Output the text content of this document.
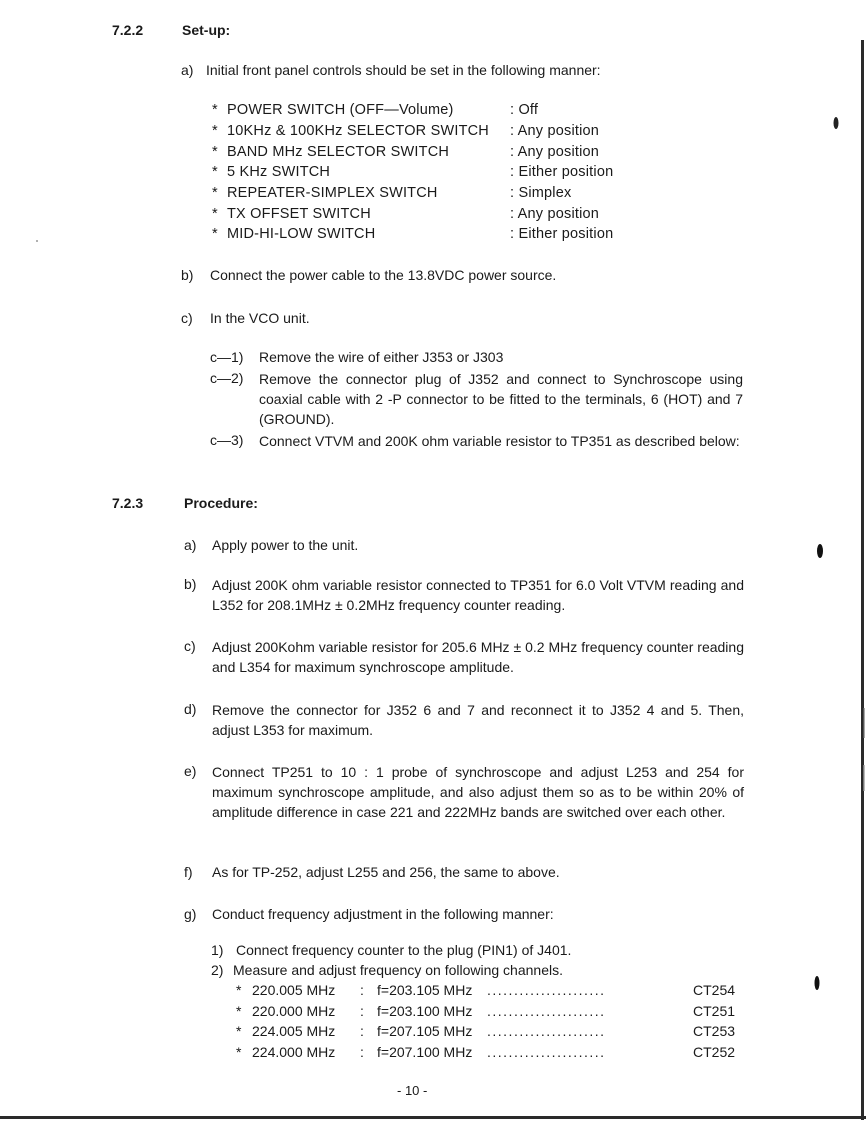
7.2.2	Set-up:
a) Initial front panel controls should be set in the following manner:
* POWER SWITCH (OFF—Volume)	: Off
* 10KHz & 100KHz SELECTOR SWITCH : Any position
* BAND MHz SELECTOR SWITCH	: Any position
* 5 KHz SWITCH	: Either position
* REPEATER-SIMPLEX SWITCH	: Simplex
* TX OFFSET SWITCH	: Any position
* MID-HI-LOW SWITCH	: Either position
b) Connect the power cable to the 13.8VDC power source.
c) In the VCO unit.
c—1) Remove the wire of either J353 or J303
c—2) Remove the connector plug of J352 and connect to Synchroscope using coaxial cable with 2 -P connector to be fitted to the terminals, 6 (HOT) and 7 (GROUND).
c—3) Connect VTVM and 200K ohm variable resistor to TP351 as described below:
7.2.3	Procedure:
a) Apply power to the unit.
b) Adjust 200K ohm variable resistor connected to TP351 for 6.0 Volt VTVM reading and L352 for 208.1MHz ± 0.2MHz frequency counter reading.
c) Adjust 200Kohm variable resistor for 205.6 MHz ± 0.2 MHz frequency counter reading and L354 for maximum synchroscope amplitude.
d) Remove the connector for J352 6 and 7 and reconnect it to J352 4 and 5. Then, adjust L353 for maximum.
e) Connect TP251 to 10 : 1 probe of synchroscope and adjust L253 and 254 for maximum synchroscope amplitude, and also adjust them so as to be within 20% of amplitude difference in case 221 and 222MHz bands are switched over each other.
f) As for TP-252, adjust L255 and 256, the same to above.
g) Conduct frequency adjustment in the following manner:
1) Connect frequency counter to the plug (PIN1) of J401.
2) Measure and adjust frequency on following channels.
* 220.005 MHz : f=203.105 MHz ......................	CT254
* 220.000 MHz : f=203.100 MHz ......................	CT251
* 224.005 MHz : f=207.105 MHz ......................	CT253
* 224.000 MHz : f=207.100 MHz ......................	CT252
- 10 -
